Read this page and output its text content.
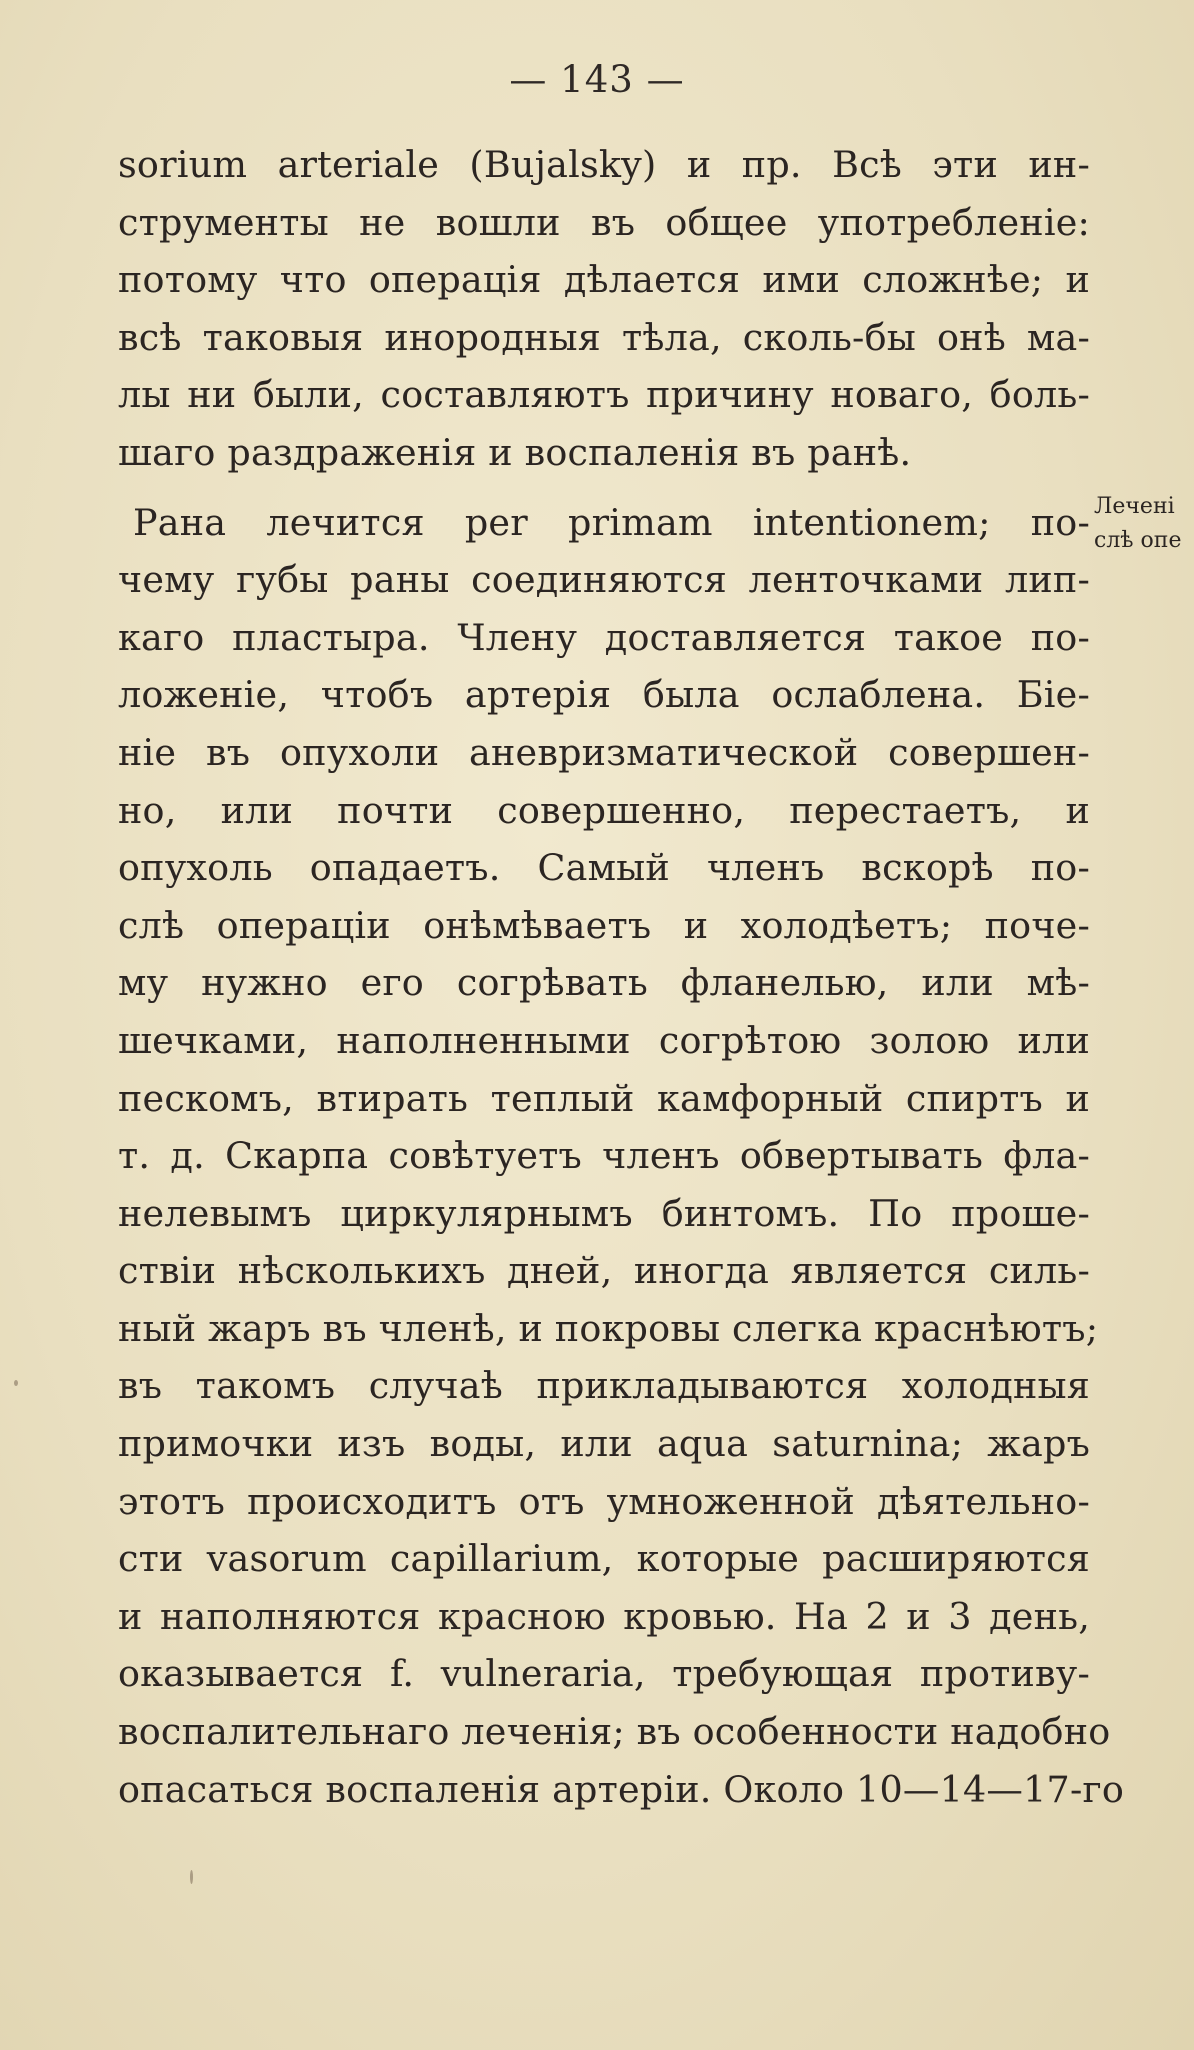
— 143 —
sorium arteriale (Bujalsky) и пр. Всѣ эти ин-
струменты не вошли въ общее употребленіе:
потому что операція дѣлается ими сложнѣе; и
всѣ таковыя инородныя тѣла, сколь-бы онѣ ма-
лы ни были, составляютъ причину новаго, боль-
шаго раздраженія и воспаленія въ ранѣ.
Рана лечится per primam intentionem; по-
чему губы раны соединяются ленточками лип-
каго пластыра. Члену доставляется такое по-
ложеніе, чтобъ артерія была ослаблена. Біе-
ніе въ опухоли аневризматической совершен-
но, или почти совершенно, перестаетъ, и
опухоль опадаетъ. Самый членъ вскорѣ по-
слѣ операціи онѣмѣваетъ и холодѣетъ; поче-
му нужно его согрѣвать фланелью, или мѣ-
шечками, наполненными согрѣтою золою или
пескомъ, втирать теплый камфорный спиртъ и
т. д. Скарпа совѣтуетъ членъ обвертывать фла-
нелевымъ циркулярнымъ бинтомъ. По проше-
ствіи нѣсколькихъ дней, иногда является силь-
ный жаръ въ членѣ, и покровы слегка краснѣютъ;
въ такомъ случаѣ прикладываются холодныя
примочки изъ воды, или aqua saturnina; жаръ
этотъ происходитъ отъ умноженной дѣятельно-
сти vasorum capillarium, которые расширяются
и наполняются красною кровью. На 2 и 3 день,
оказывается f. vulneraria, требующая противу-
воспалительнаго леченія; въ особенности надобно
опасаться воспаленія артеріи. Около 10—14—17-го
Лечені
слѣ опе
